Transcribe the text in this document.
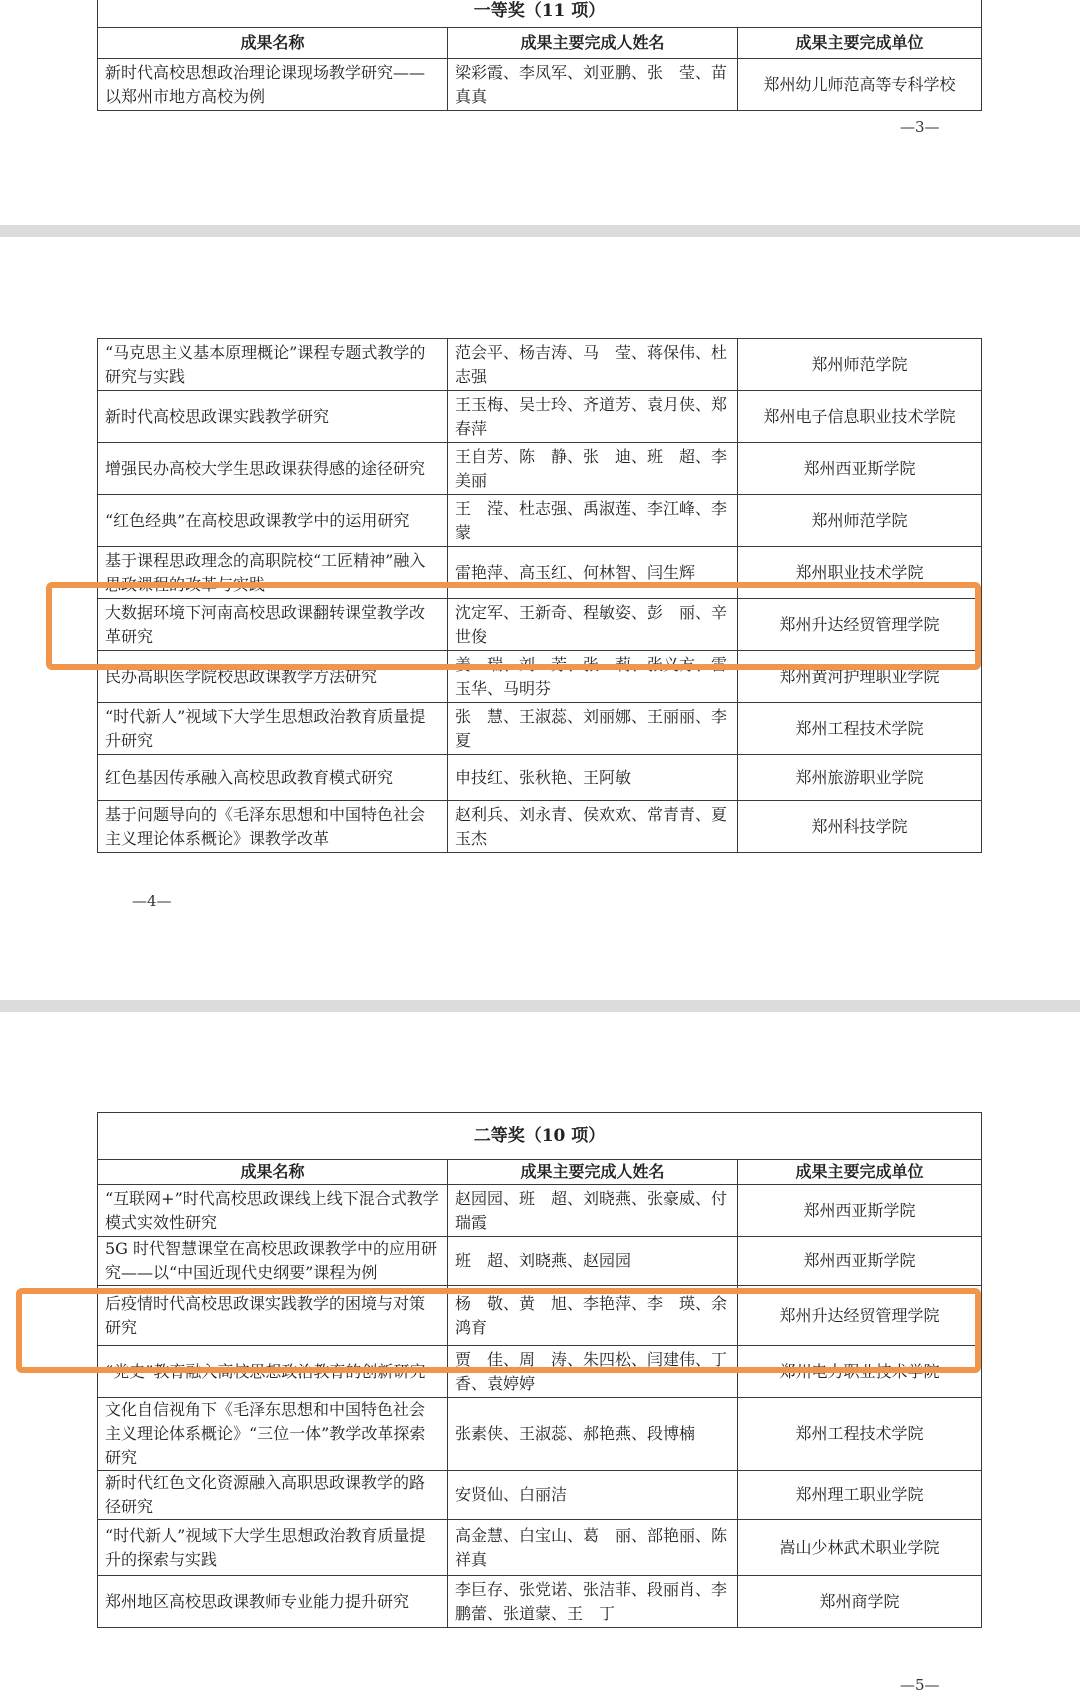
一等奖（11 项）		
成果名称	成果主要完成人姓名	成果主要完成单位
新时代高校思想政治理论课现场教学研究——以郑州市地方高校为例	梁彩霞、李凤军、刘亚鹏、张　莹、苗真真	郑州幼儿师范高等专科学校
—3—
“马克思主义基本原理概论”课程专题式教学的研究与实践	范会平、杨吉涛、马　莹、蒋保伟、杜志强	郑州师范学院
新时代高校思政课实践教学研究	王玉梅、吴士玲、齐道芳、袁月侠、郑春萍	郑州电子信息职业技术学院
增强民办高校大学生思政课获得感的途径研究	王自芳、陈　静、张　迪、班　超、李美丽	郑州西亚斯学院
“红色经典”在高校思政课教学中的运用研究	王　滢、杜志强、禹淑莲、李江峰、李　蒙	郑州师范学院
基于课程思政理念的高职院校“工匠精神”融入思政课程的改革与实践	雷艳萍、高玉红、何林智、闫生辉	郑州职业技术学院
大数据环境下河南高校思政课翻转课堂教学改革研究	沈定军、王新奇、程敏姿、彭　丽、辛世俊	郑州升达经贸管理学院
民办高职医学院校思政课教学方法研究	姜　瑞、刘　芳、张　莉、张义方、雷玉华、马明芬	郑州黄河护理职业学院
“时代新人”视域下大学生思想政治教育质量提升研究	张　慧、王淑蕊、刘丽娜、王丽丽、李　夏	郑州工程技术学院
红色基因传承融入高校思政教育模式研究	申技红、张秋艳、王阿敏	郑州旅游职业学院
基于问题导向的《毛泽东思想和中国特色社会主义理论体系概论》课教学改革	赵利兵、刘永青、侯欢欢、常青青、夏玉杰	郑州科技学院
—4—
二等奖（10 项）		
成果名称	成果主要完成人姓名	成果主要完成单位
“互联网+”时代高校思政课线上线下混合式教学模式实效性研究	赵园园、班　超、刘晓燕、张豪威、付瑞霞	郑州西亚斯学院
5G 时代智慧课堂在高校思政课教学中的应用研究——以“中国近现代史纲要”课程为例	班　超、刘晓燕、赵园园	郑州西亚斯学院
后疫情时代高校思政课实践教学的困境与对策研究	杨　敬、黄　旭、李艳萍、李　瑛、余鸿育	郑州升达经贸管理学院
“党史”教育融入高校思想政治教育的创新研究	贾　佳、周　涛、朱四松、闫建伟、丁　香、袁婷婷	郑州电力职业技术学院
文化自信视角下《毛泽东思想和中国特色社会主义理论体系概论》“三位一体”教学改革探索研究	张素侠、王淑蕊、郝艳燕、段博楠	郑州工程技术学院
新时代红色文化资源融入高职思政课教学的路径研究	安贤仙、白丽洁	郑州理工职业学院
“时代新人”视域下大学生思想政治教育质量提升的探索与实践	高金慧、白宝山、葛　丽、部艳丽、陈祥真	嵩山少林武术职业学院
郑州地区高校思政课教师专业能力提升研究	李巨存、张党诺、张洁菲、段丽肖、李鹏蕾、张道蒙、王　丁	郑州商学院
—5—
